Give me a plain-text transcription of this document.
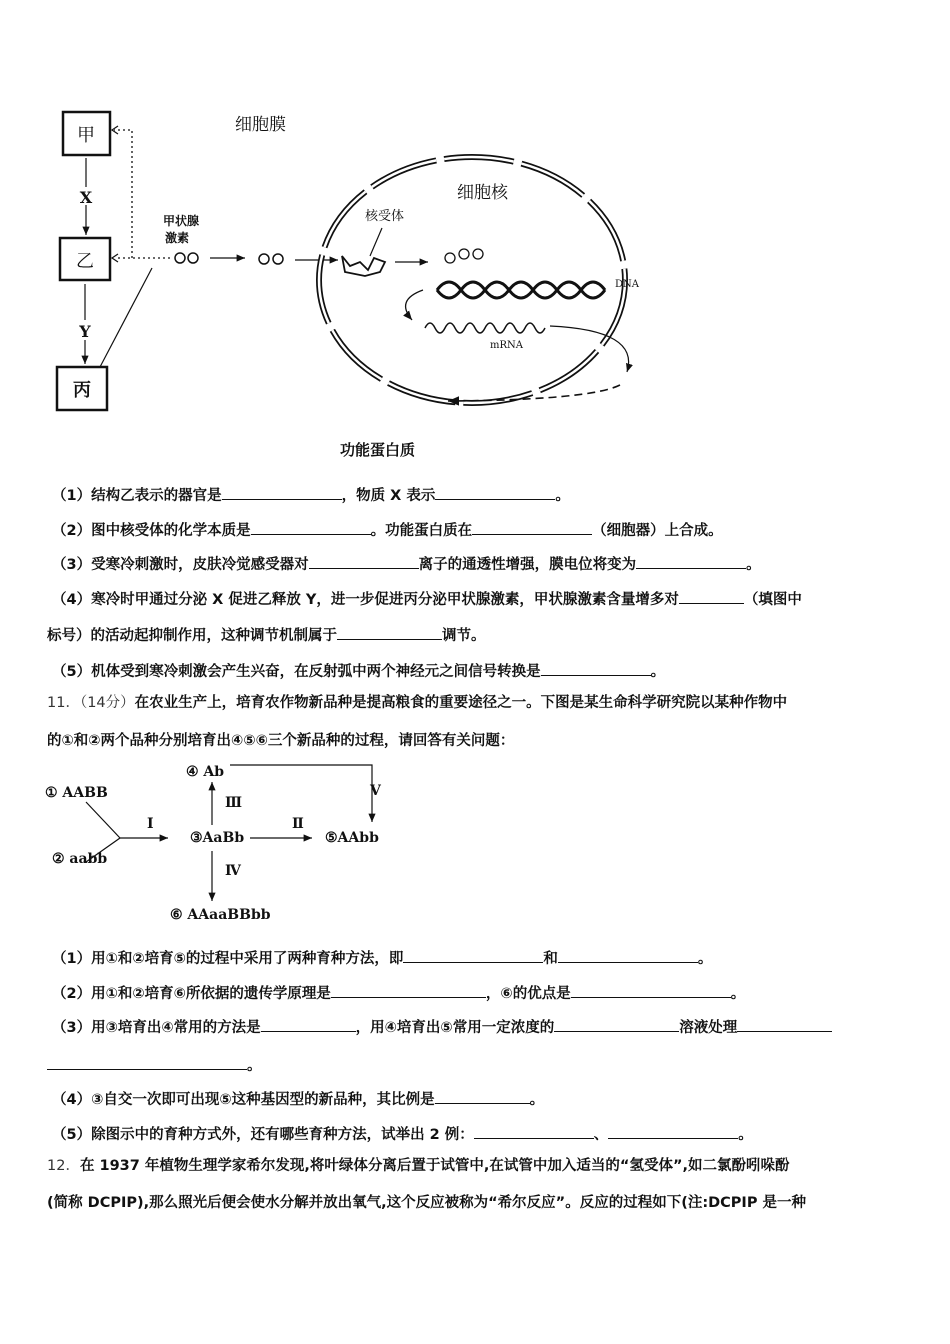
甲
乙
丙
X
Y
甲状腺
激素
细胞膜
细胞核
核受体
DNA
mRNA
功能蛋白质
（1）结构乙表示的器官是	，物质 X 表示	。
（2）图中核受体的化学本质是	。功能蛋白质在	（细胞器）上合成。
（3）受寒冷刺激时，皮肤冷觉感受器对	离子的通透性增强，膜电位将变为	。
（4）寒冷时甲通过分泌 X 促进乙释放 Y，进一步促进丙分泌甲状腺激素，甲状腺激素含量增多对	（填图中
标号）的活动起抑制作用，这种调节机制属于	调节。
（5）机体受到寒冷刺激会产生兴奋，在反射弧中两个神经元之间信号转换是	。
11．（14分）在农业生产上，培育农作物新品种是提高粮食的重要途径之一。下图是某生命科学研究院以某种作物中
的①和②两个品种分别培育出④⑤⑥三个新品种的过程，请回答有关问题：
① AABB
② aabb
③AaBb
④ Ab
⑤AAbb
⑥ AAaaBBbb
Ⅰ	Ⅱ
Ⅲ
Ⅳ
Ⅴ
（1）用①和②培育⑤的过程中采用了两种育种方法，即	和	。
（2）用①和②培育⑥所依据的遗传学原理是	，⑥的优点是	。
（3）用③培育出④常用的方法是	，用④培育出⑤常用一定浓度的	溶液处理
。
（4）③自交一次即可出现⑤这种基因型的新品种，其比例是	。
（5）除图示中的育种方式外，还有哪些育种方法，试举出 2 例：	、	。
12．在 1937 年植物生理学家希尔发现,将叶绿体分离后置于试管中,在试管中加入适当的“氢受体”,如二氯酚吲哚酚
(简称 DCPIP),那么照光后便会使水分解并放出氧气,这个反应被称为“希尔反应”。反应的过程如下(注:DCPIP 是一种
